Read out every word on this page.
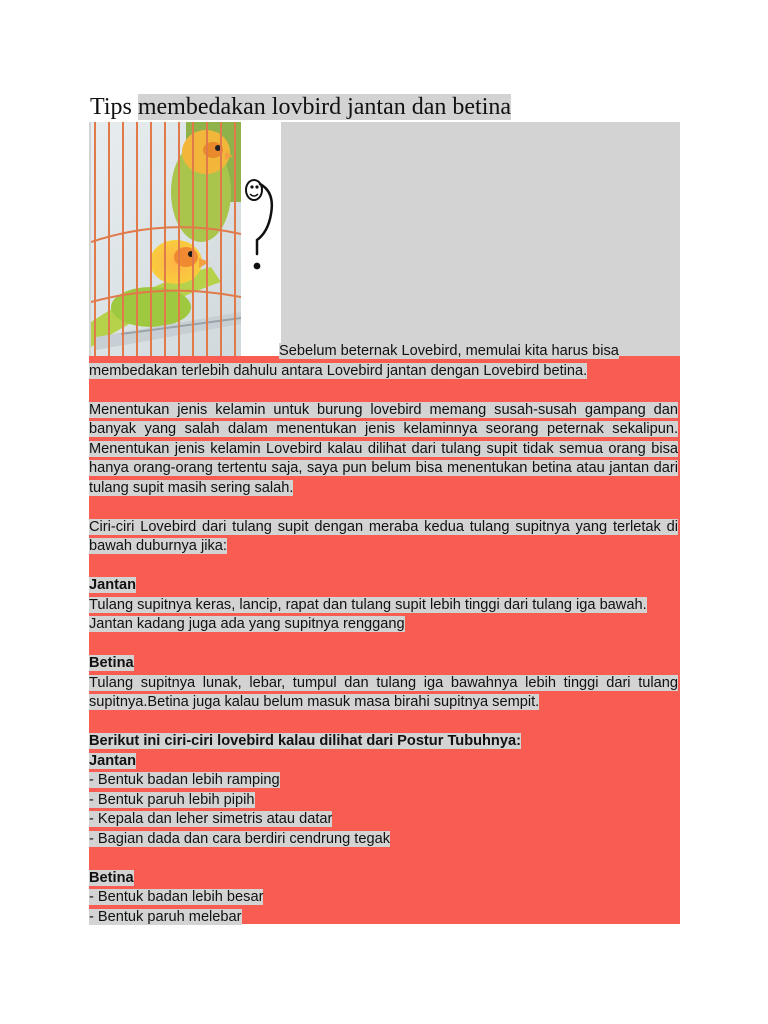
Tips membedakan lovbird jantan dan betina

Sebelum beternak Lovebird, memulai kita harus bisa

membedakan terlebih dahulu antara Lovebird jantan dengan Lovebird betina.

Menentukan jenis kelamin untuk burung lovebird memang susah-susah gampang dan banyak yang salah dalam menentukan jenis kelaminnya seorang peternak sekalipun. Menentukan jenis kelamin Lovebird kalau dilihat dari tulang supit tidak semua orang bisa hanya orang-orang tertentu saja, saya pun belum bisa menentukan betina atau jantan dari tulang supit masih sering salah.

Ciri-ciri Lovebird dari tulang supit dengan meraba kedua tulang supitnya yang terletak di bawah duburnya jika:

Jantan

Tulang supitnya keras, lancip, rapat dan tulang supit lebih tinggi dari tulang iga bawah. Jantan kadang juga ada yang supitnya renggang

Betina

Tulang supitnya lunak, lebar, tumpul dan tulang iga bawahnya lebih tinggi dari tulang supitnya.Betina juga kalau belum masuk masa birahi supitnya sempit.

Berikut ini ciri-ciri lovebird kalau dilihat dari Postur Tubuhnya:

Jantan

- Bentuk badan lebih ramping
- Bentuk paruh lebih pipih
- Kepala dan leher simetris atau datar
- Bagian dada dan cara berdiri cendrung tegak

Betina

- Bentuk badan lebih besar
- Bentuk paruh melebar
